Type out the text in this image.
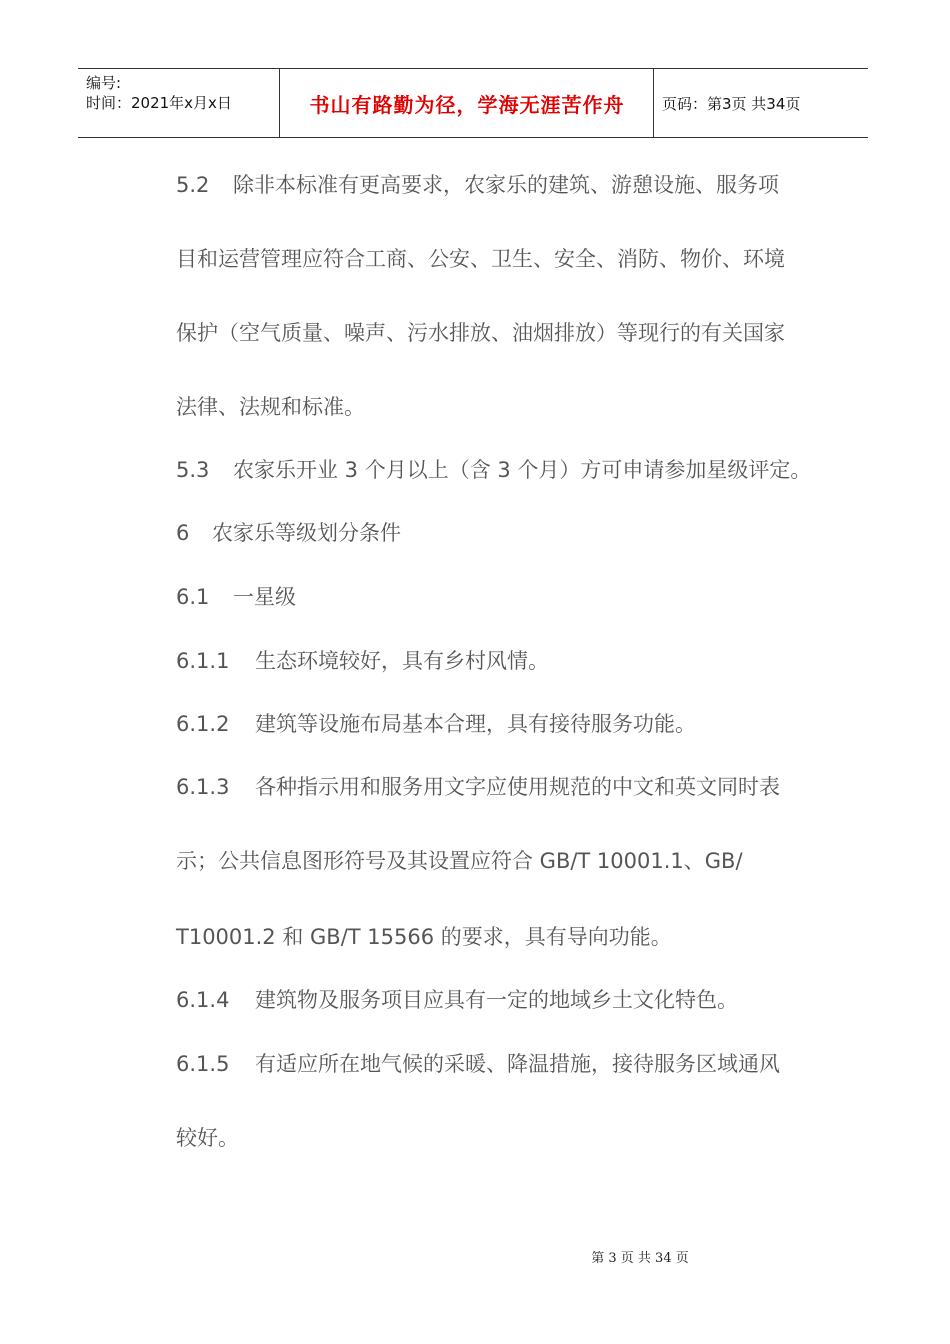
编号:
时间：2021年x月x日	书山有路勤为径，学海无涯苦作舟	页码：第3页 共34页
5.2 除非本标准有更高要求，农家乐的建筑、游憩设施、服务项
目和运营管理应符合工商、公安、卫生、安全、消防、物价、环境
保护（空气质量、噪声、污水排放、油烟排放）等现行的有关国家
法律、法规和标准。
5.3 农家乐开业 3 个月以上（含 3 个月）方可申请参加星级评定。
6 农家乐等级划分条件
6.1 一星级
6.1.1 生态环境较好，具有乡村风情。
6.1.2 建筑等设施布局基本合理，具有接待服务功能。
6.1.3 各种指示用和服务用文字应使用规范的中文和英文同时表
示；公共信息图形符号及其设置应符合 GB/T 10001.1、GB/
T10001.2 和 GB/T 15566 的要求，具有导向功能。
6.1.4 建筑物及服务项目应具有一定的地域乡土文化特色。
6.1.5 有适应所在地气候的采暖、降温措施，接待服务区域通风
较好。
第 3 页 共 34 页
